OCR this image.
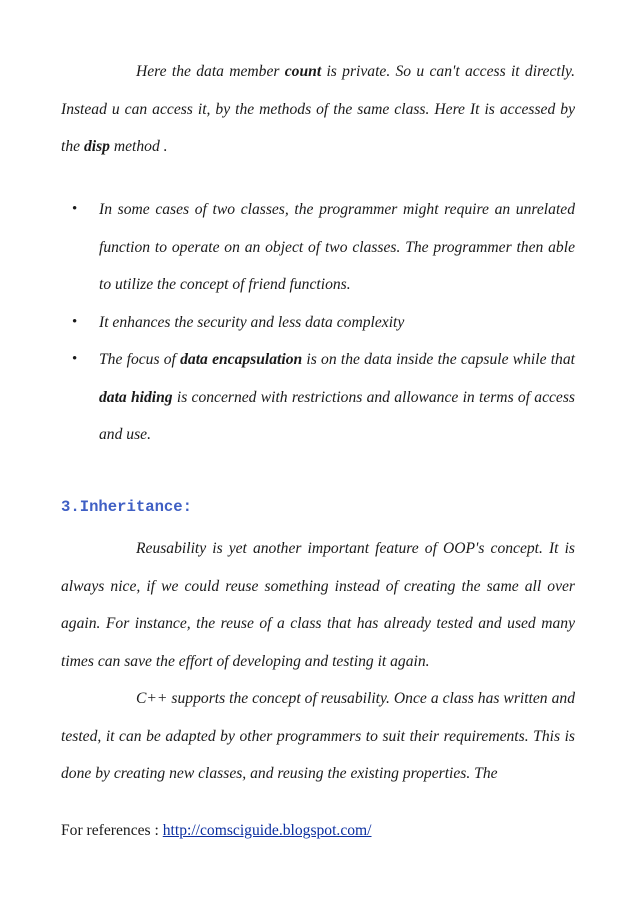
Here the data member count is private. So u can't access it directly. Instead u can access it, by the methods of the same class. Here It is accessed by the disp method .

• In some cases of two classes, the programmer might require an unrelated function to operate on an object of two classes. The programmer then able to utilize the concept of friend functions.
• It enhances the security and less data complexity
• The focus of data encapsulation is on the data inside the capsule while that data hiding is concerned with restrictions and allowance in terms of access and use.
3.Inheritance:

Reusability is yet another important feature of OOP's concept. It is always nice, if we could reuse something instead of creating the same all over again. For instance, the reuse of a class that has already tested and used many times can save the effort of developing and testing it again.

C++ supports the concept of reusability. Once a class has written and tested, it can be adapted by other programmers to suit their requirements. This is done by creating new classes, and reusing the existing properties. The

For references : http://comsciguide.blogspot.com/
